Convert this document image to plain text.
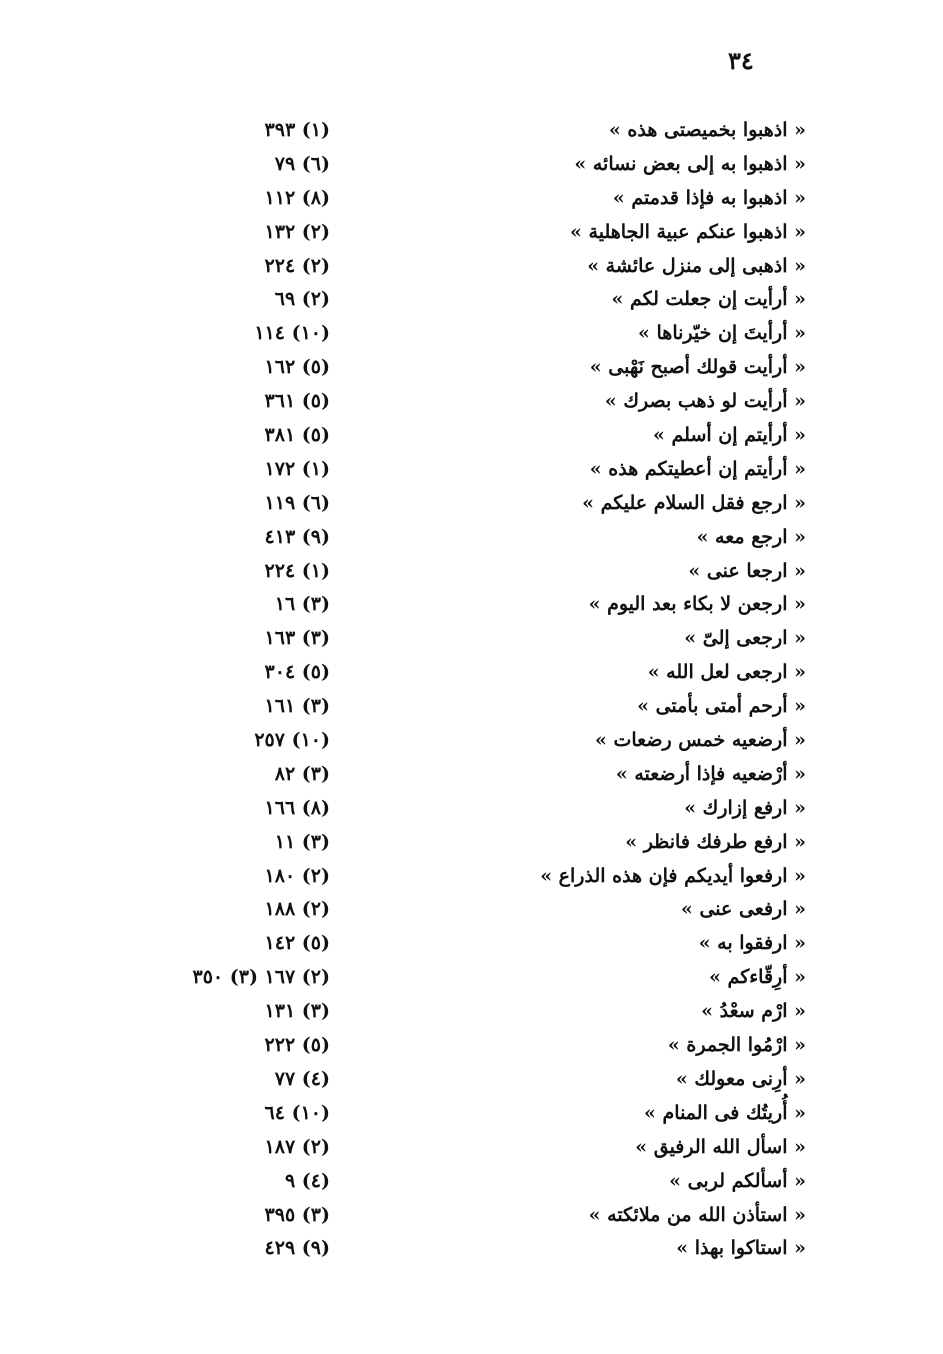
٣٤
« اذهبوا بخميصتى هذه »
(١) ٣٩٣
« اذهبوا به إلى بعض نسائه »
(٦) ٧٩
« اذهبوا به فإذا قدمتم »
(٨) ١١٢
« اذهبوا عنكم عبية الجاهلية »
(٢) ١٣٢
« اذهبى إلى منزل عائشة »
(٢) ٢٢٤
« أرأيت إن جعلت لكم »
(٢) ٦٩
« أرأيتَ إن خيّرناها »
(١٠) ١١٤
« أرأيت قولك أصبح نَهْبى »
(٥) ١٦٢
« أرأيت لو ذهب بصرك »
(٥) ٣٦١
« أرأيتم إن أسلم »
(٥) ٣٨١
« أرأيتم إن أعطيتكم هذه »
(١) ١٧٢
« ارجع فقل السلام عليكم »
(٦) ١١٩
« ارجع معه »
(٩) ٤١٣
« ارجعا عنى »
(١) ٢٢٤
« ارجعن لا بكاء بعد اليوم »
(٣) ١٦
« ارجعى إلىّ »
(٣) ١٦٣
« ارجعى لعل الله »
(٥) ٣٠٤
« أرحم أمتى بأمتى »
(٣) ١٦١
« أرضعيه خمس رضعات »
(١٠) ٢٥٧
« أرْضعيه فإذا أرضعته »
(٣) ٨٢
« ارفع إزارك »
(٨) ١٦٦
« ارفع طرفك فانظر »
(٣) ١١
« ارفعوا أيديكم فإن هذه الذراع »
(٢) ١٨٠
« ارفعى عنى »
(٢) ١٨٨
« ارفقوا به »
(٥) ١٤٢
« أرِقّاءكم »
(٢) ١٦٧ (٣) ٣٥٠
« ارْم سعْدُ »
(٣) ١٣١
« ارْمُوا الجمرة »
(٥) ٢٢٢
« أرِنى معولك »
(٤) ٧٧
« أُريتُك فى المنام »
(١٠) ٦٤
« اسأل الله الرفيق »
(٢) ١٨٧
« أسألكم لربى »
(٤) ٩
« استأذن الله من ملائكته »
(٣) ٣٩٥
« استاكوا بهذا »
(٩) ٤٢٩
